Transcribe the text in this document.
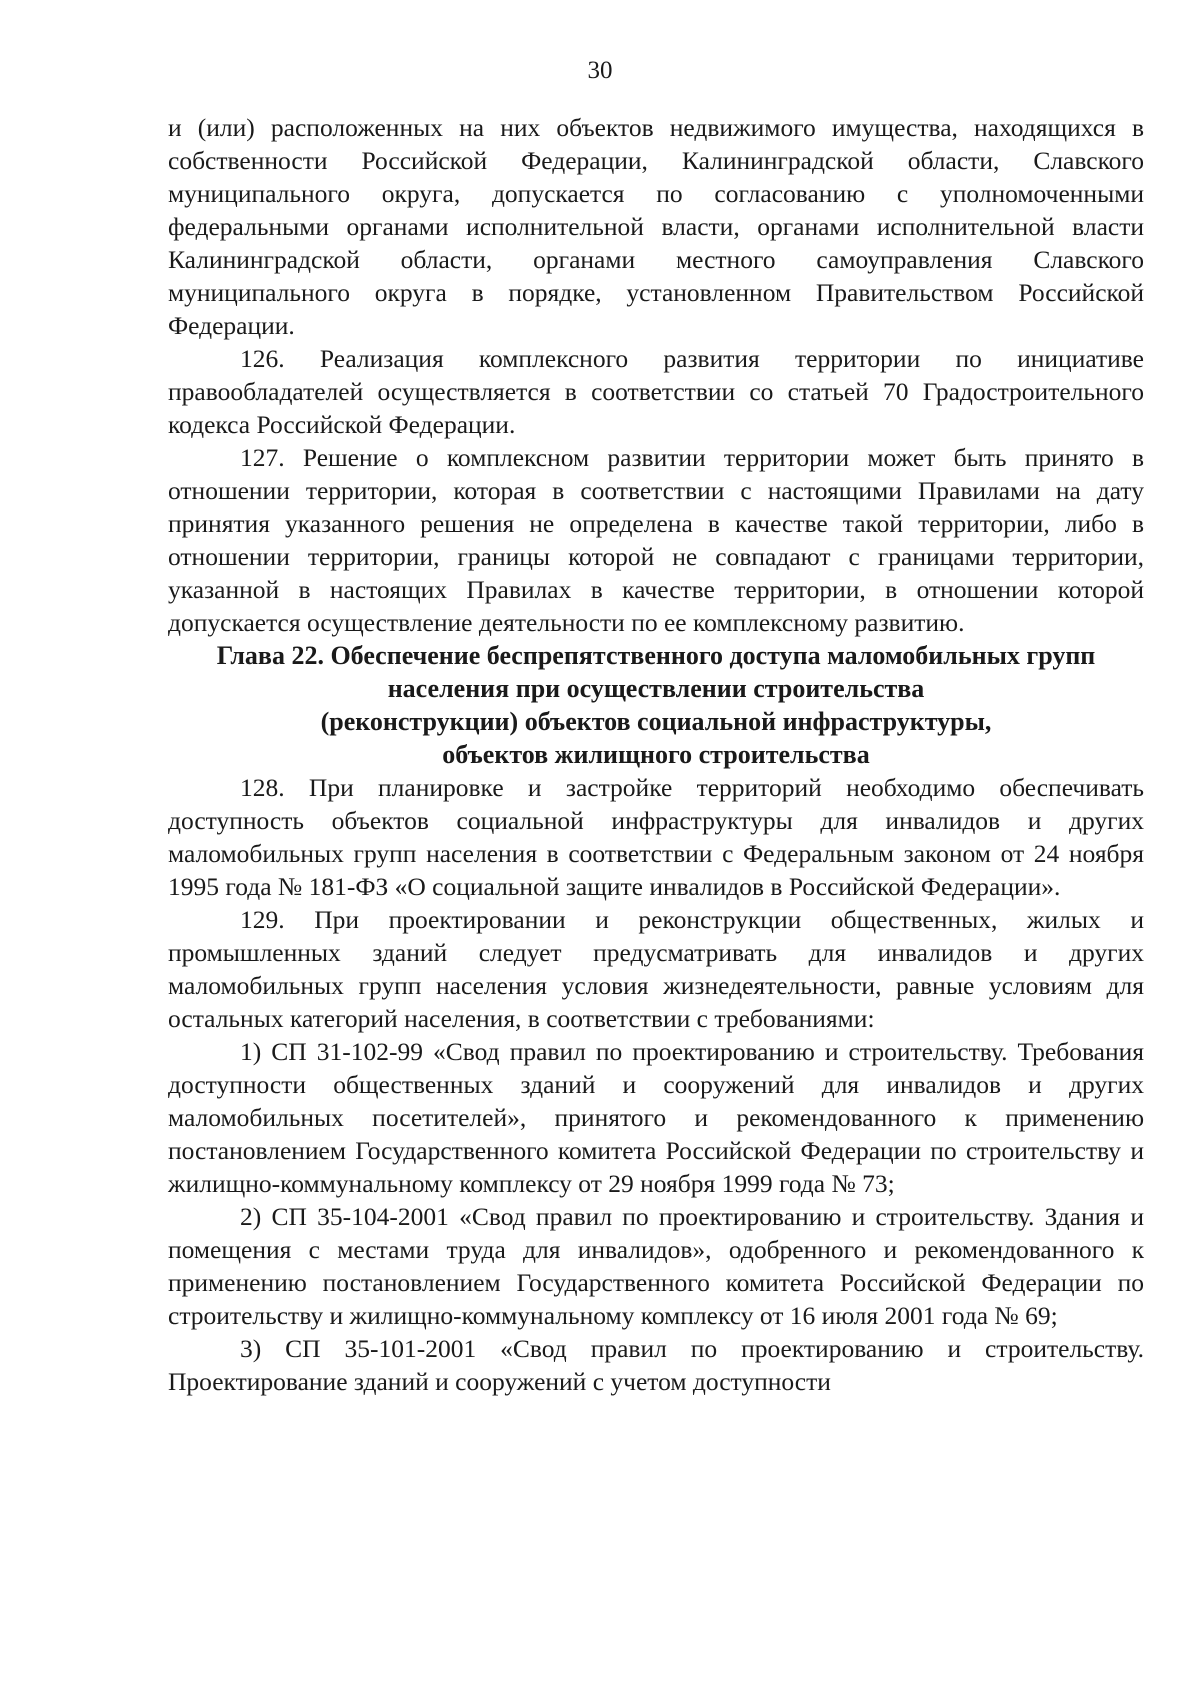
30

и (или) расположенных на них объектов недвижимого имущества, находящихся в собственности Российской Федерации, Калининградской области, Славского муниципального округа, допускается по согласованию с уполномоченными федеральными органами исполнительной власти, органами исполнительной власти Калининградской области, органами местного самоуправления Славского муниципального округа в порядке, установленном Правительством Российской Федерации.

126. Реализация комплексного развития территории по инициативе правообладателей осуществляется в соответствии со статьей 70 Градостроительного кодекса Российской Федерации.

127. Решение о комплексном развитии территории может быть принято в отношении территории, которая в соответствии с настоящими Правилами на дату принятия указанного решения не определена в качестве такой территории, либо в отношении территории, границы которой не совпадают с границами территории, указанной в настоящих Правилах в качестве территории, в отношении которой допускается осуществление деятельности по ее комплексному развитию.

Глава 22. Обеспечение беспрепятственного доступа маломобильных групп
населения при осуществлении строительства
(реконструкции) объектов социальной инфраструктуры,
объектов жилищного строительства

128. При планировке и застройке территорий необходимо обеспечивать доступность объектов социальной инфраструктуры для инвалидов и других маломобильных групп населения в соответствии с Федеральным законом от 24 ноября 1995 года № 181-ФЗ «О социальной защите инвалидов в Российской Федерации».

129. При проектировании и реконструкции общественных, жилых и промышленных зданий следует предусматривать для инвалидов и других маломобильных групп населения условия жизнедеятельности, равные условиям для остальных категорий населения, в соответствии с требованиями:

1) СП 31-102-99 «Свод правил по проектированию и строительству. Требования доступности общественных зданий и сооружений для инвалидов и других маломобильных посетителей», принятого и рекомендованного к применению постановлением Государственного комитета Российской Федерации по строительству и жилищно-коммунальному комплексу от 29 ноября 1999 года № 73;

2) СП 35-104-2001 «Свод правил по проектированию и строительству. Здания и помещения с местами труда для инвалидов», одобренного и рекомендованного к применению постановлением Государственного комитета Российской Федерации по строительству и жилищно-коммунальному комплексу от 16 июля 2001 года № 69;

3) СП 35-101-2001 «Свод правил по проектированию и строительству. Проектирование зданий и сооружений с учетом доступности
